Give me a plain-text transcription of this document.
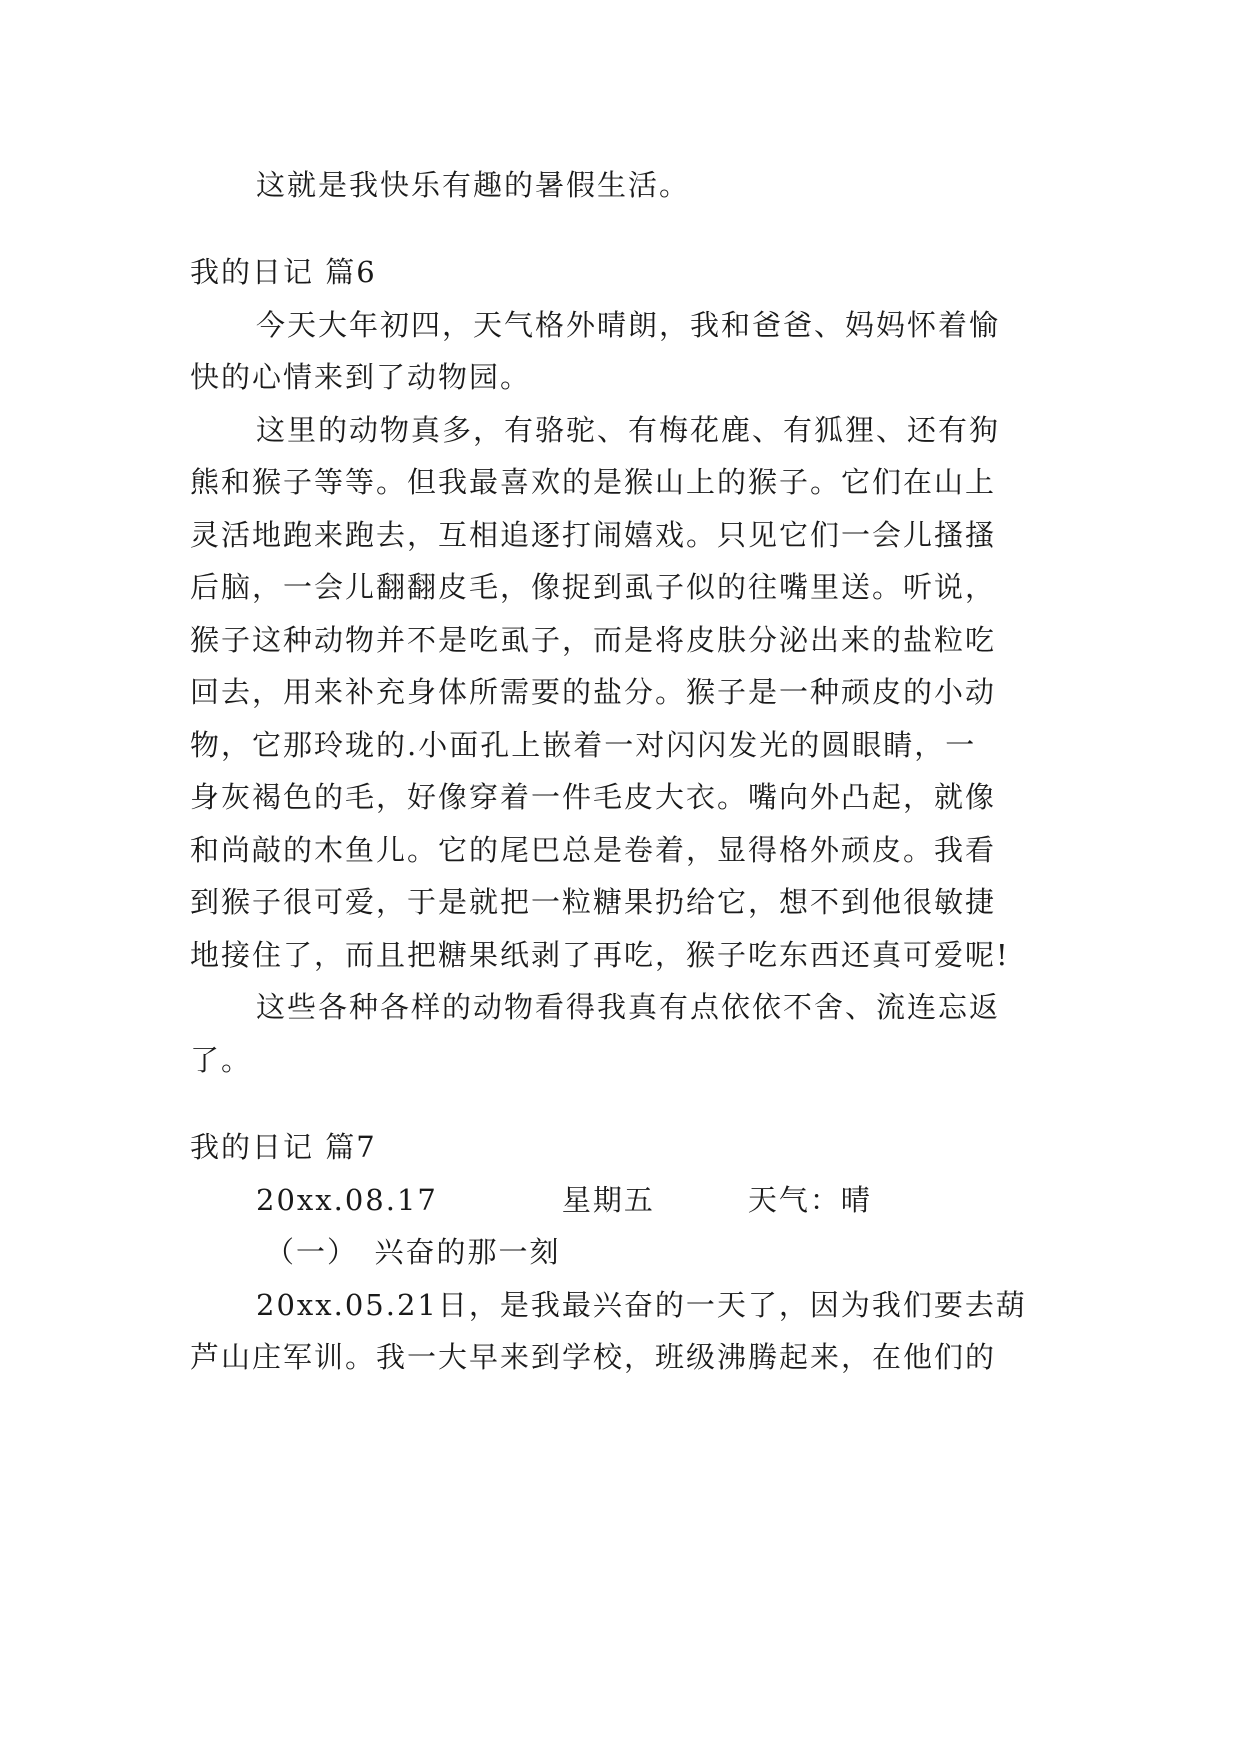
这就是我快乐有趣的暑假生活。

我的日记 篇6

今天大年初四，天气格外晴朗，我和爸爸、妈妈怀着愉

快的心情来到了动物园。

这里的动物真多，有骆驼、有梅花鹿、有狐狸、还有狗

熊和猴子等等。但我最喜欢的是猴山上的猴子。它们在山上

灵活地跑来跑去，互相追逐打闹嬉戏。只见它们一会儿搔搔

后脑，一会儿翻翻皮毛，像捉到虱子似的往嘴里送。听说，

猴子这种动物并不是吃虱子，而是将皮肤分泌出来的盐粒吃

回去，用来补充身体所需要的盐分。猴子是一种顽皮的小动

物，它那玲珑的.小面孔上嵌着一对闪闪发光的圆眼睛，一

身灰褐色的毛，好像穿着一件毛皮大衣。嘴向外凸起，就像

和尚敲的木鱼儿。它的尾巴总是卷着，显得格外顽皮。我看

到猴子很可爱，于是就把一粒糖果扔给它，想不到他很敏捷

地接住了，而且把糖果纸剥了再吃，猴子吃东西还真可爱呢!

这些各种各样的动物看得我真有点依依不舍、流连忘返

了。

我的日记 篇7

20xx.08.17　　　　星期五　　　天气：晴

（一）　兴奋的那一刻

20xx.05.21日，是我最兴奋的一天了，因为我们要去葫

芦山庄军训。我一大早来到学校，班级沸腾起来，在他们的
